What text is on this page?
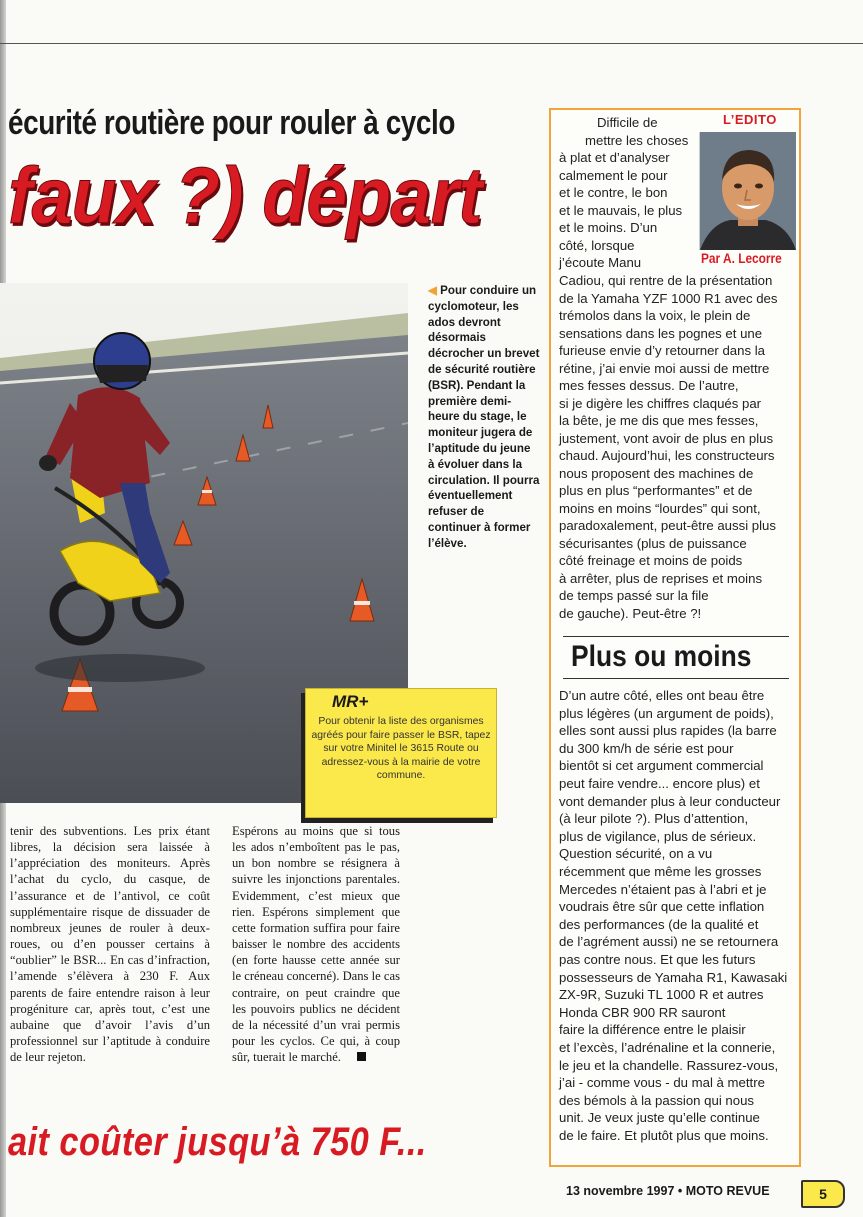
écurité routière pour rouler à cyclo
faux ?) départ
◀ Pour conduire un cyclomoteur, les ados devront désormais décrocher un brevet de sécurité routière (BSR). Pendant la première demi-heure du stage, le moniteur jugera de l’aptitude du jeune à évoluer dans la circulation. Il pourra éventuellement refuser de continuer à former l’élève.
MR+
Pour obtenir la liste des organismes agréés pour faire passer le BSR, tapez sur votre Minitel le 3615 Route ou adressez-vous à la mairie de votre commune.
tenir des subventions. Les prix étant libres, la décision sera laissée à l’appréciation des moniteurs. Après l’achat du cyclo, du casque, de l’assurance et de l’antivol, ce coût supplémentaire risque de dissuader de nombreux jeunes de rouler à deux-roues, ou d’en pousser certains à “oublier” le BSR... En cas d’infraction, l’amende s’élèvera à 230 F. Aux parents de faire entendre raison à leur progéniture car, après tout, c’est une aubaine que d’avoir l’avis d’un professionnel sur l’aptitude à conduire de leur rejeton.
Espérons au moins que si tous les ados n’emboîtent pas le pas, un bon nombre se résignera à suivre les injonctions parentales. Evidemment, c’est mieux que rien. Espérons simplement que cette formation suffira pour faire baisser le nombre des accidents (en forte hausse cette année sur le créneau concerné). Dans le cas contraire, on peut craindre que les pouvoirs publics ne décident de la nécessité d’un vrai permis pour les cyclos. Ce qui, à coup sûr, tuerait le marché.
ait coûter jusqu’à 750 F...
L’EDITO
Par A. Lecorre
Difficile de
mettre les choses
à plat et d’analyser
calmement le pour
et le contre, le bon
et le mauvais, le plus
et le moins. D’un
côté, lorsque
j’écoute Manu
Cadiou, qui rentre de la présentation
de la Yamaha YZF 1000 R1 avec des
trémolos dans la voix, le plein de
sensations dans les pognes et une
furieuse envie d’y retourner dans la
rétine, j’ai envie moi aussi de mettre
mes fesses dessus. De l’autre,
si je digère les chiffres claqués par
la bête, je me dis que mes fesses,
justement, vont avoir de plus en plus
chaud. Aujourd’hui, les constructeurs
nous proposent des machines de
plus en plus “performantes” et de
moins en moins “lourdes” qui sont,
paradoxalement, peut-être aussi plus
sécurisantes (plus de puissance
côté freinage et moins de poids
à arrêter, plus de reprises et moins
de temps passé sur la file
de gauche). Peut-être ?!
Plus ou moins
D’un autre côté, elles ont beau être
plus légères (un argument de poids),
elles sont aussi plus rapides (la barre
du 300 km/h de série est pour
bientôt si cet argument commercial
peut faire vendre... encore plus) et
vont demander plus à leur conducteur
(à leur pilote ?). Plus d’attention,
plus de vigilance, plus de sérieux.
Question sécurité, on a vu
récemment que même les grosses
Mercedes n’étaient pas à l’abri et je
voudrais être sûr que cette inflation
des performances (de la qualité et
de l’agrément aussi) ne se retournera
pas contre nous. Et que les futurs
possesseurs de Yamaha R1, Kawasaki
ZX-9R, Suzuki TL 1000 R et autres
Honda CBR 900 RR sauront
faire la différence entre le plaisir
et l’excès, l’adrénaline et la connerie,
le jeu et la chandelle. Rassurez-vous,
j’ai - comme vous - du mal à mettre
des bémols à la passion qui nous
unit. Je veux juste qu’elle continue
de le faire. Et plutôt plus que moins.
13 novembre 1997 • MOTO REVUE	5
